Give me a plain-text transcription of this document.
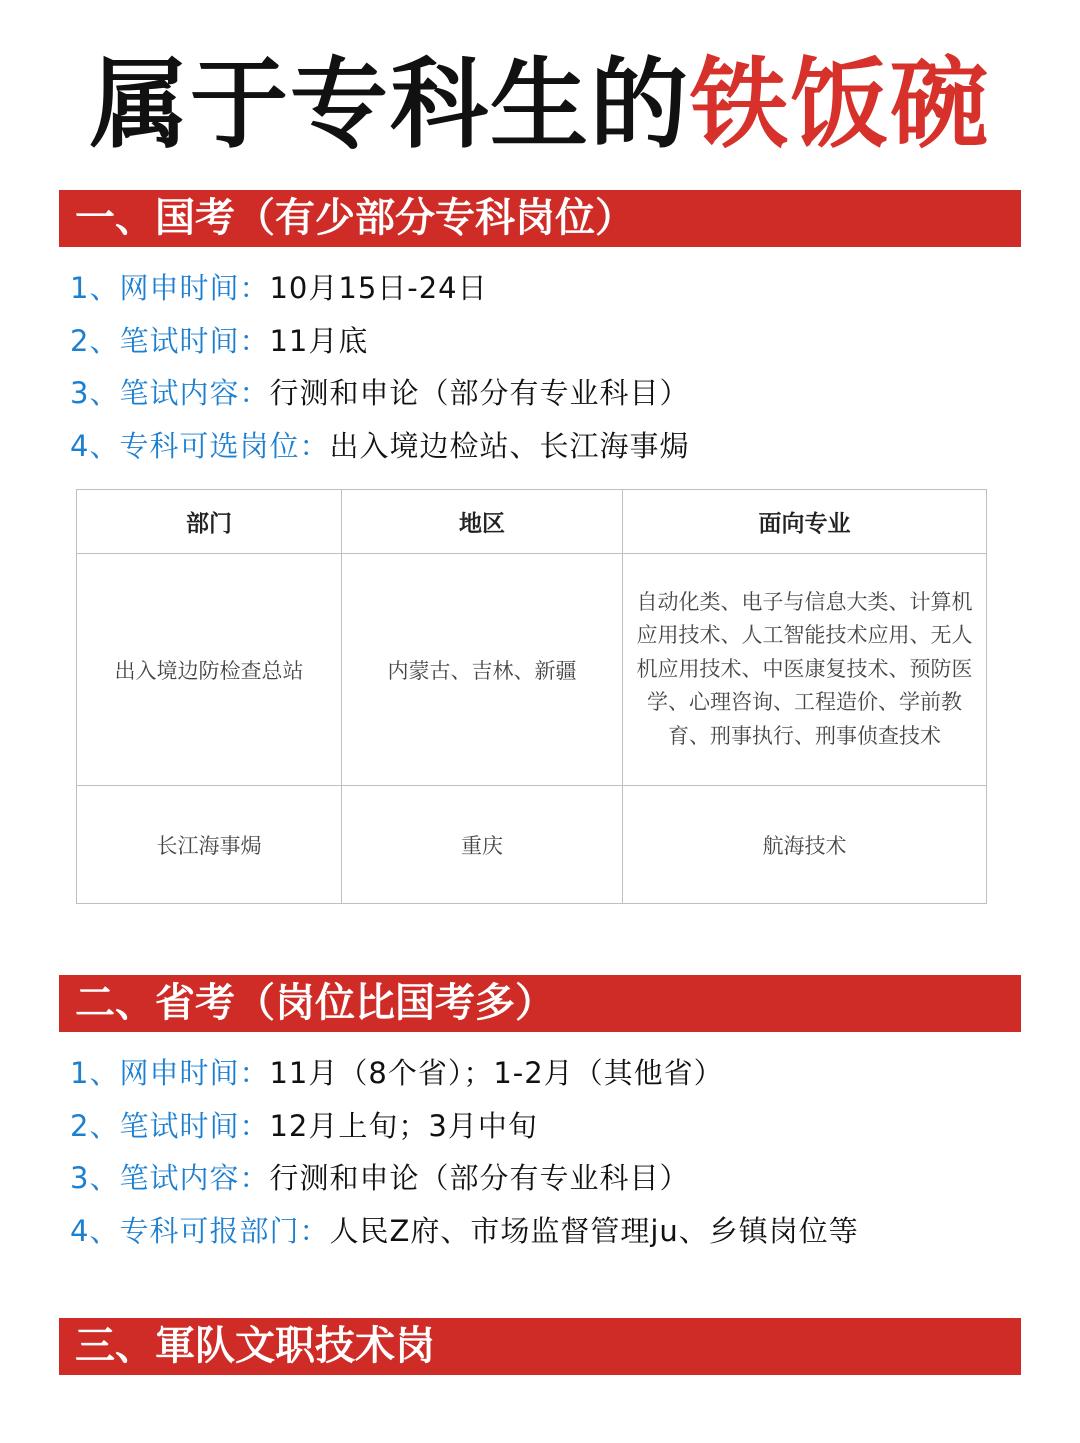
属于专科生的铁饭碗
一、国考（有少部分专科岗位）
1、网申时间：10月15日-24日
2、笔试时间：11月底
3、笔试内容：行测和申论（部分有专业科目）
4、专科可选岗位：出入境边检站、长江海事焗
部门	地区	面向专业
出入境边防检查总站	内蒙古、吉林、新疆	自动化类、电子与信息大类、计算机应用技术、人工智能技术应用、无人机应用技术、中医康复技术、预防医学、心理咨询、工程造价、学前教育、刑事执行、刑事侦查技术
长江海事焗	重庆	航海技术
二、省考（岗位比国考多）
1、网申时间：11月（8个省）；1-2月（其他省）
2、笔试时间：12月上旬；3月中旬
3、笔试内容：行测和申论（部分有专业科目）
4、专科可报部门：人民Z府、市场监督管理ju、乡镇岗位等
三、軍队文职技术岗
